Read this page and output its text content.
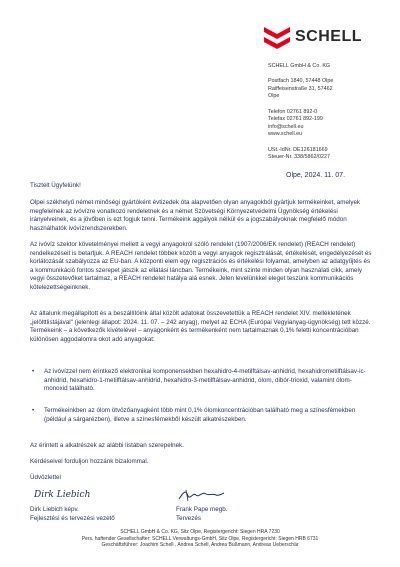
SCHELL
SCHELL GmbH & Co. KG
Postfach 1840, 57448 Olpe
Raiffeisenstraße 31, 57462
Olpe
Telefon 02761 892-0
Telefax 02761 892-199
info@schell.eu
www.schell.eu
USt.-IdNr. DE126181669
Steuer-Nr. 338/5862/0227
Olpe, 2024. 11. 07.
Tisztelt Ügyfelünk!

Olpei székhelyű német minőségi gyártóként évtizedek óta alapvetően olyan anyagokból gyártjuk termékeinket, amelyek megfelelnek az ivóvízre vonatkozó rendeletnek és a német Szövetségi Környezetvédelmi Ügynökség értékelési irányelveinek, és a jövőben is ezt fogjuk tenni. Termékeink aggályok nélkül és a jogszabályoknak megfelelő módon használhatók ivóvízrendszerekben.

Az ivóvíz szektor követelményei mellett a vegyi anyagokról szóló rendelet (1907/2006/EK rendelet) (REACH rendelet) rendelkezéseit is betartjuk. A REACH rendelet többek között a vegyi anyagok regisztrálását, értékelését, engedélyezését és korlátozását szabályozza az EU-ban. A központi elem egy regisztrációs és értékelési folyamat, amelyben az adatgyűjtés és a kommunikáció fontos szerepet játszik az ellátási láncban. Termékeink, mint szinte minden olyan használati cikk, amely vegyi összetevőket tartalmaz, a REACH rendelet hatálya alá esnek. Jelen levelünkkel eleget teszünk kommunikációs kötelezettségeinknek.

Az általunk megállapított és a beszállítóink által közölt adatokat összevetettük a REACH rendelet XIV. mellékletének „jelölttlistájával" (jelenlegi állapot: 2024. 11. 07. – 242 anyag), melyet az ECHA (Európai Vegyianyag-ügynökség) tett közzé. Termékeink – a következők kivételével – anyagonként és termékenként nem tartalmaznak 0,1% feletti koncentrációban különösen aggodalomra okot adó anyagokat:

• Az ivóvízzel nem érintkező elektronikai komponensekben hexahidro-4-metilftálsav-anhidrid, hexahidrometilftálsav-ic-anhidrid, hexahidro-1-metilftálsav-anhidrid, hexahidro-3-metilftálsav-anhidrid, ólom, dibór-trioxid, valamint ólom-monoxid található.
• Termékeinkben az ólom ötvözőanyagként több mint 0,1% ólomkoncentrációban található meg a színesfémekben (például a sárgarézben), illetve a színesfémekből készült alkatrészekben.
Az érintett a alkatrészek az alábbi listában szerepelnek.
Kérdéseivel forduljon hozzánk bizalommal.
Üdvözlettel
Dirk Liebich
Dirk Liebich képv.
Fejlesztési és tervezési vezető
Frank Pape megb.
Tervezés
SCHELL GmbH & Co. KG, Sitz Olpe, Registergericht: Siegen HRA 7230
Pers. haftender Gesellschafter: SCHELL Verwaltungs-GmbH, Sitz Olpe, Registergericht: Siegen HRB 6731
Geschäftsführer: Joachim Schell , Andrea Schell, Andrea Bußmann, Andreas Ueberschär
